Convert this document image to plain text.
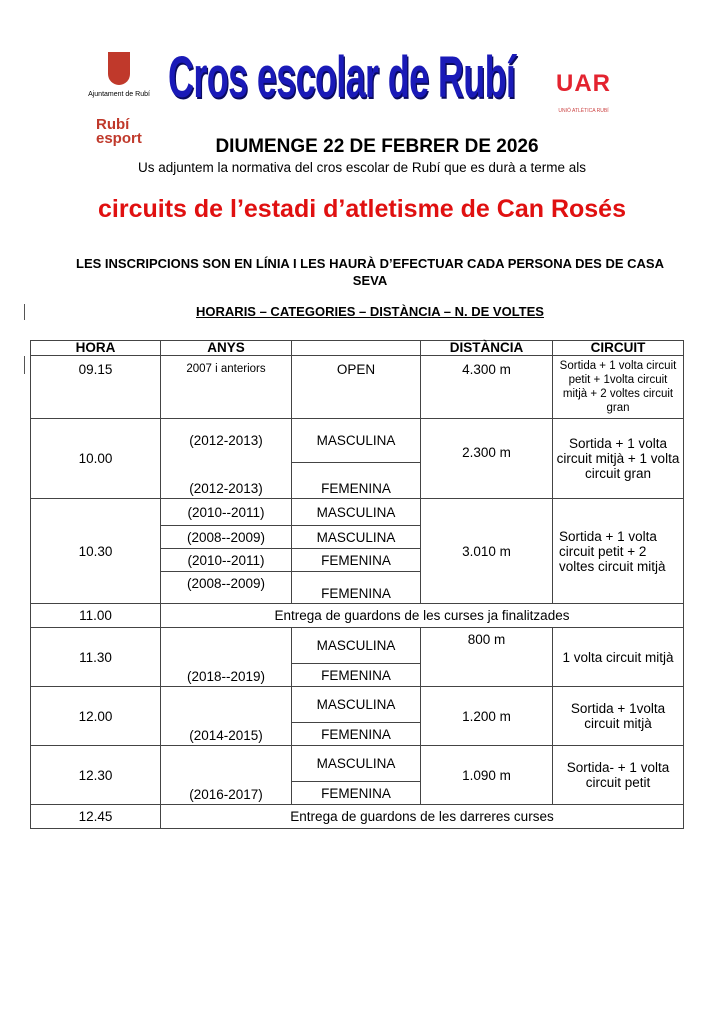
Ajuntament de Rubí
Rubí
esport
Cros escolar de Rubí	UAR
UNIÓ ATLÈTICA RUBÍ
DIUMENGE 22 DE FEBRER DE 2026
Us adjuntem la normativa del cros escolar de Rubí que es durà a terme als
circuits de l’estadi d’atletisme de Can Rosés
LES INSCRIPCIONS SON EN LÍNIA I LES HAURÀ D’EFECTUAR CADA PERSONA DES DE CASA SEVA
HORARIS – CATEGORIES – DISTÀNCIA – N. DE VOLTES
HORA	ANYS		DISTÀNCIA	CIRCUIT
09.15	2007 i anteriors	OPEN	4.300 m	Sortida + 1 volta circuit petit + 1volta circuit mitjà + 2 voltes circuit gran
10.00	(2012-2013)	MASCULINA	2.300 m	Sortida + 1 volta circuit mitjà + 1 volta circuit gran
	(2012-2013)	FEMENINA		
10.30	(2010--2011)	MASCULINA	3.010 m	Sortida + 1 volta circuit petit + 2 voltes circuit mitjà
	(2008--2009)	MASCULINA		
	(2010--2011)	FEMENINA		
	(2008--2009)	FEMENINA		
11.00	Entrega de guardons de les curses ja finalitzades			
11.30	(2018--2019)	MASCULINA	800 m	1 volta circuit mitjà
		FEMENINA		
12.00	(2014-2015)	MASCULINA	1.200 m	Sortida + 1volta circuit mitjà
		FEMENINA		
12.30	(2016-2017)	MASCULINA	1.090 m	Sortida- + 1 volta circuit petit
		FEMENINA		
12.45	Entrega de guardons de les darreres curses			
